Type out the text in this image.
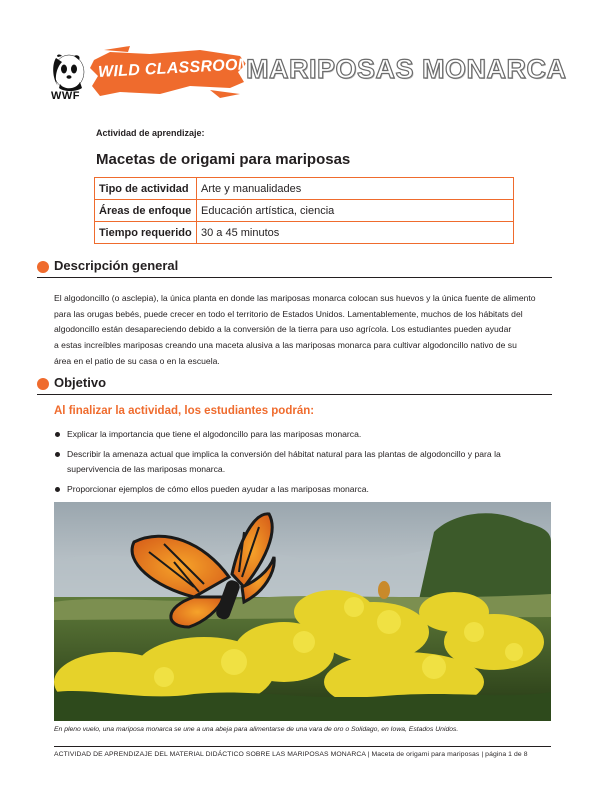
WWF
WILD CLASSROOM
MARIPOSAS MONARCA
Actividad de aprendizaje:
Macetas de origami para mariposas
Tipo de actividad	Arte y manualidades
Áreas de enfoque	Educación artística, ciencia
Tiempo requerido	30 a 45 minutos
Descripción general

El algodoncillo (o asclepia), la única planta en donde las mariposas monarca colocan sus huevos y la única fuente de alimento

para las orugas bebés, puede crecer en todo el territorio de Estados Unidos. Lamentablemente, muchos de los hábitats del

algodoncillo están desapareciendo debido a la conversión de la tierra para uso agrícola. Los estudiantes pueden ayudar

a estas increíbles mariposas creando una maceta alusiva a las mariposas monarca para cultivar algodoncillo nativo de su

área en el patio de su casa o en la escuela.

Objetivo
Al finalizar la actividad, los estudiantes podrán:
Explicar la importancia que tiene el algodoncillo para las mariposas monarca.
Describir la amenaza actual que implica la conversión del hábitat natural para las plantas de algodoncillo y para la
supervivencia de las mariposas monarca.
Proporcionar ejemplos de cómo ellos pueden ayudar a las mariposas monarca.
En pleno vuelo, una mariposa monarca se une a una abeja para alimentarse de una vara de oro o Solidago, en Iowa, Estados Unidos.
ACTIVIDAD DE APRENDIZAJE DEL MATERIAL DIDÁCTICO SOBRE LAS MARIPOSAS MONARCA | Maceta de origami para mariposas | página 1 de 8
